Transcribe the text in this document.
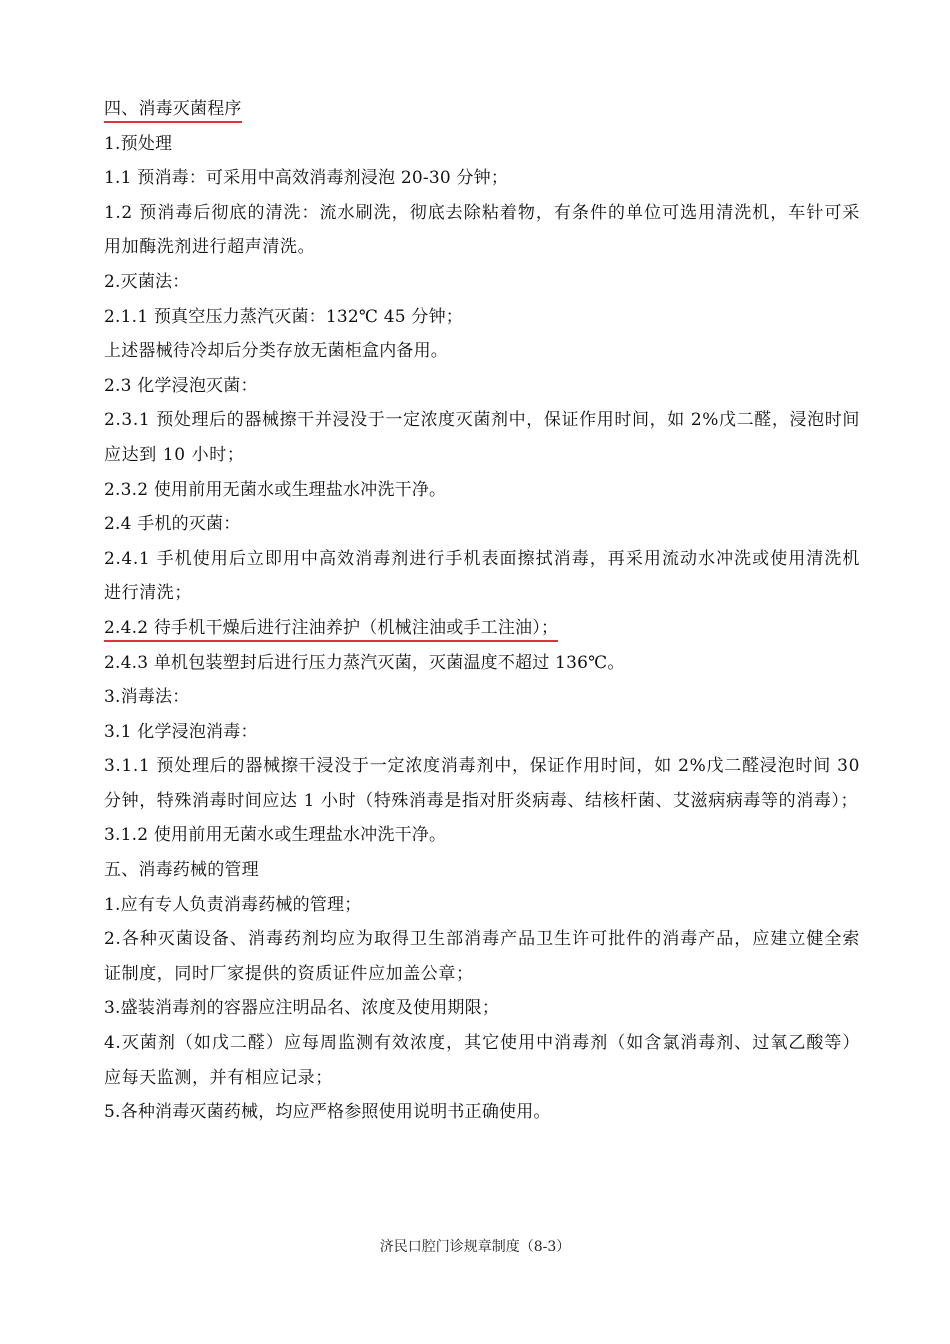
四、消毒灭菌程序
1.预处理
1.1 预消毒：可采用中高效消毒剂浸泡 20-30 分钟；
1.2 预消毒后彻底的清洗：流水刷洗，彻底去除粘着物，有条件的单位可选用清洗机，车针可采用加酶洗剂进行超声清洗。
2.灭菌法：
2.1.1 预真空压力蒸汽灭菌：132℃ 45 分钟；
上述器械待冷却后分类存放无菌柜盒内备用。
2.3 化学浸泡灭菌：
2.3.1 预处理后的器械擦干并浸没于一定浓度灭菌剂中，保证作用时间，如 2%戊二醛，浸泡时间应达到 10 小时；
2.3.2 使用前用无菌水或生理盐水冲洗干净。
2.4 手机的灭菌：
2.4.1 手机使用后立即用中高效消毒剂进行手机表面擦拭消毒，再采用流动水冲洗或使用清洗机进行清洗；
2.4.2 待手机干燥后进行注油养护（机械注油或手工注油）；
2.4.3 单机包装塑封后进行压力蒸汽灭菌，灭菌温度不超过 136℃。
3.消毒法：
3.1 化学浸泡消毒：
3.1.1 预处理后的器械擦干浸没于一定浓度消毒剂中，保证作用时间，如 2%戊二醛浸泡时间 30 分钟，特殊消毒时间应达 1 小时（特殊消毒是指对肝炎病毒、结核杆菌、艾滋病病毒等的消毒）；
3.1.2 使用前用无菌水或生理盐水冲洗干净。
五、消毒药械的管理
1.应有专人负责消毒药械的管理；
2.各种灭菌设备、消毒药剂均应为取得卫生部消毒产品卫生许可批件的消毒产品，应建立健全索证制度，同时厂家提供的资质证件应加盖公章；
3.盛装消毒剂的容器应注明品名、浓度及使用期限；
4.灭菌剂（如戊二醛）应每周监测有效浓度，其它使用中消毒剂（如含氯消毒剂、过氧乙酸等）应每天监测，并有相应记录；
5.各种消毒灭菌药械，均应严格参照使用说明书正确使用。
济民口腔门诊规章制度（8-3）
